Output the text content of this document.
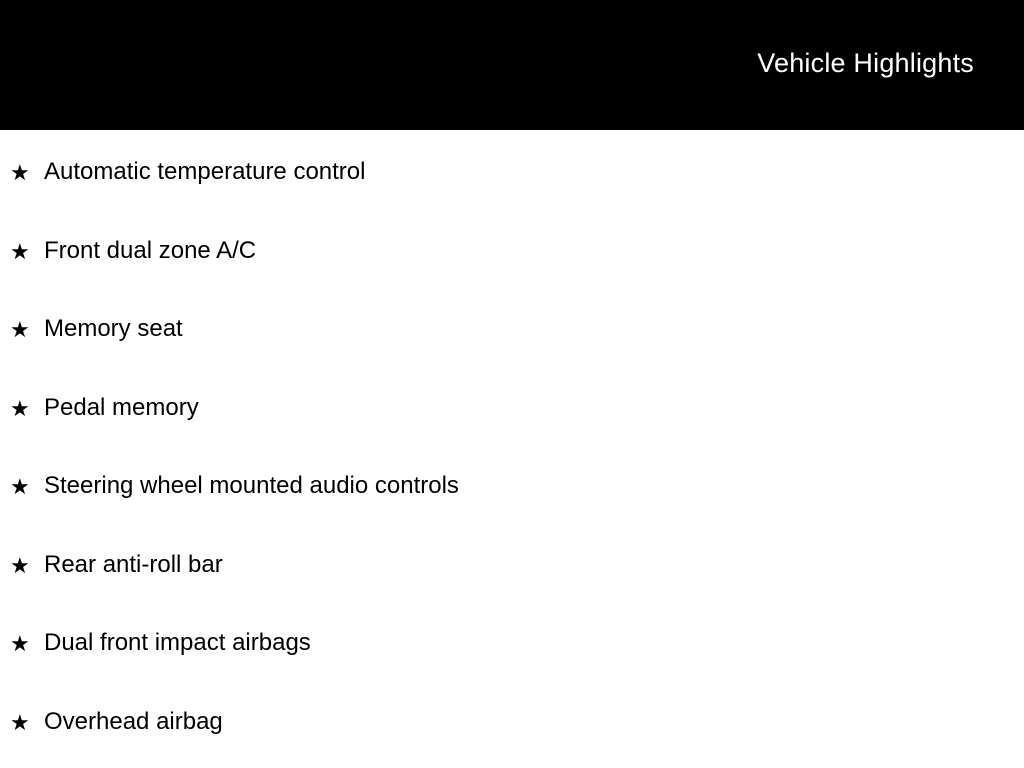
Vehicle Highlights
★ Automatic temperature control
★ Front dual zone A/C
★ Memory seat
★ Pedal memory
★ Steering wheel mounted audio controls
★ Rear anti-roll bar
★ Dual front impact airbags
★ Overhead airbag
